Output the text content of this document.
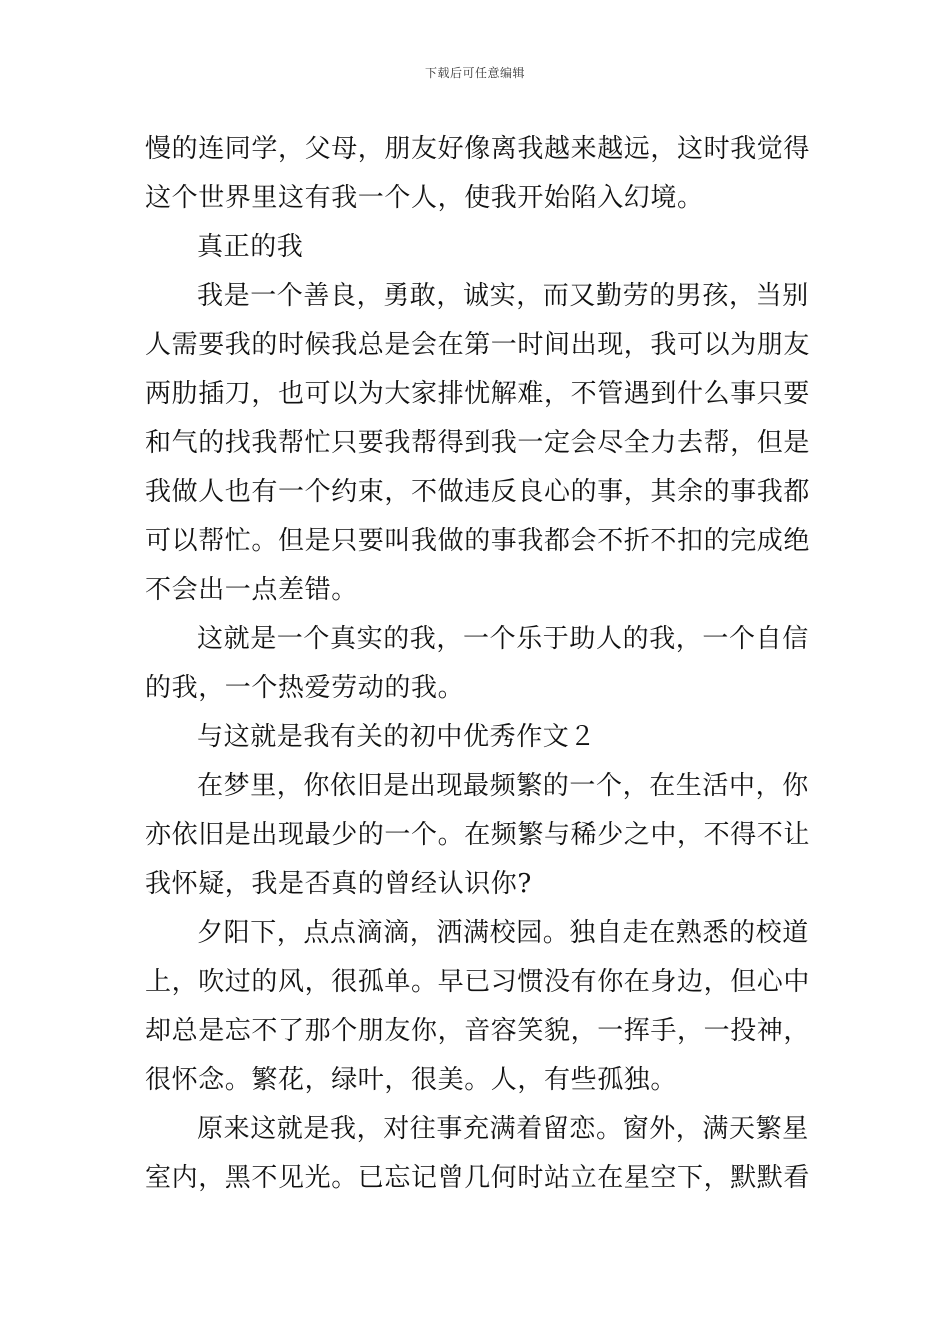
下载后可任意编辑
慢的连同学，父母，朋友好像离我越来越远，这时我觉得
这个世界里这有我一个人，使我开始陷入幻境。
真正的我
我是一个善良，勇敢，诚实，而又勤劳的男孩，当别
人需要我的时候我总是会在第一时间出现，我可以为朋友
两肋插刀，也可以为大家排忧解难，不管遇到什么事只要
和气的找我帮忙只要我帮得到我一定会尽全力去帮，但是
我做人也有一个约束，不做违反良心的事，其余的事我都
可以帮忙。但是只要叫我做的事我都会不折不扣的完成绝
不会出一点差错。
这就是一个真实的我，一个乐于助人的我，一个自信
的我，一个热爱劳动的我。
与这就是我有关的初中优秀作文２
在梦里，你依旧是出现最频繁的一个，在生活中，你
亦依旧是出现最少的一个。在频繁与稀少之中，不得不让
我怀疑，我是否真的曾经认识你?
夕阳下，点点滴滴，洒满校园。独自走在熟悉的校道
上，吹过的风，很孤单。早已习惯没有你在身边，但心中
却总是忘不了那个朋友你，音容笑貌，一挥手，一投神，
很怀念。繁花，绿叶，很美。人，有些孤独。
原来这就是我，对往事充满着留恋。窗外，满天繁星
室内，黑不见光。已忘记曾几何时站立在星空下，默默看
